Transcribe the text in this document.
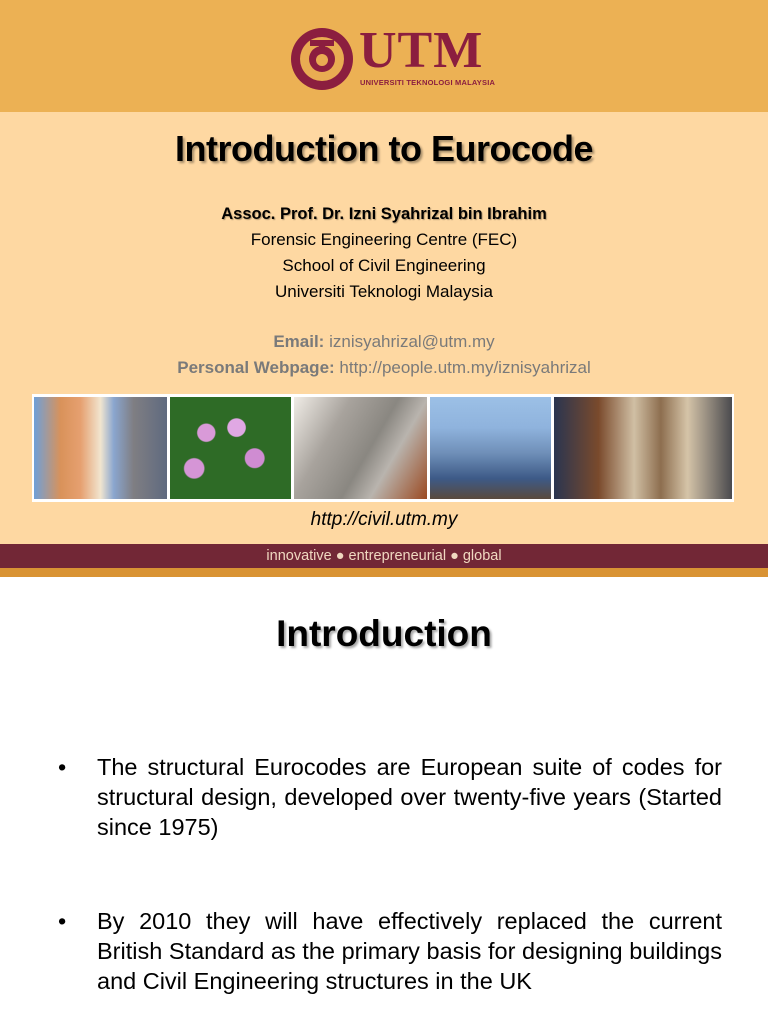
UTM
UNIVERSITI TEKNOLOGI MALAYSIA
Introduction to Eurocode
Assoc. Prof. Dr. Izni Syahrizal bin Ibrahim
Forensic Engineering Centre (FEC)
School of Civil Engineering
Universiti Teknologi Malaysia
Email: iznisyahrizal@utm.my
Personal Webpage: http://people.utm.my/iznisyahrizal
http://civil.utm.my
innovative ● entrepreneurial ● global
Introduction
• The structural Eurocodes are European suite of codes for structural design, developed over twenty-five years (Started since 1975)
• By 2010 they will have effectively replaced the current British Standard as the primary basis for designing buildings and Civil Engineering structures in the UK
